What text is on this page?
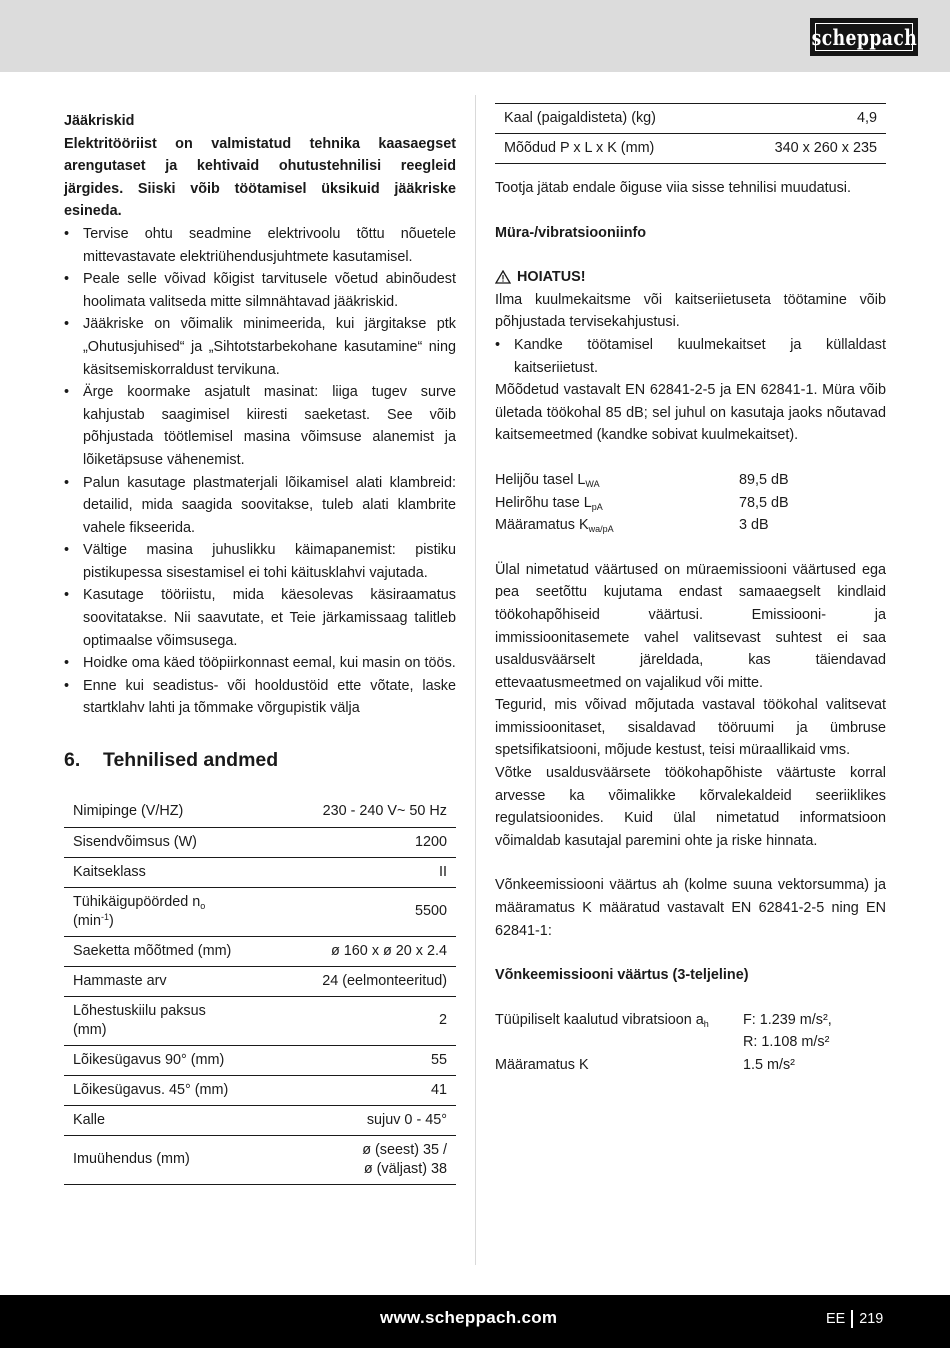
scheppach
Jääkriskid
Elektritööriist on valmistatud tehnika kaasaegset arengutaset ja kehtivaid ohutustehnilisi reegleid järgides. Siiski võib töötamisel üksikuid jääkriske esineda.
• Tervise ohtu seadmine elektrivoolu tõttu nõuetele mittevastavate elektriühendusjuhtmete kasutamisel.
• Peale selle võivad kõigist tarvitusele võetud abinõudest hoolimata valitseda mitte silmnähtavad jääkriskid.
• Jääkriske on võimalik minimeerida, kui järgitakse ptk „Ohutusjuhised“ ja „Sihtotstarbekohane kasutamine“ ning käsitsemiskorraldust tervikuna.
• Ärge koormake asjatult masinat: liiga tugev surve kahjustab saagimisel kiiresti saeketast. See võib põhjustada töötlemisel masina võimsuse alanemist ja lõiketäpsuse vähenemist.
• Palun kasutage plastmaterjali lõikamisel alati klambreid: detailid, mida saagida soovitakse, tuleb alati klambrite vahele fikseerida.
• Vältige masina juhuslikku käimapanemist: pistiku pistikupessa sisestamisel ei tohi käitusklahvi vajutada.
• Kasutage tööriistu, mida käesolevas käsiraamatus soovitatakse. Nii saavutate, et Teie järkamissaag talitleb optimaalse võimsusega.
• Hoidke oma käed tööpiirkonnast eemal, kui masin on töös.
• Enne kui seadistus- või hooldustöid ette võtate, laske startklahv lahti ja tõmmake võrgupistik välja
6.	Tehnilised andmed
Nimipinge (V/HZ)	230 - 240 V~ 50 Hz
Sisendvõimsus (W)	1200
Kaitseklass	II
Tühikäigupöörded $n_o$
$(\min^{-1})$	5500
Saeketta mõõtmed (mm)	ø 160 x ø 20 x 2.4
Hammaste arv	24 (eelmonteeritud)
Lõhestuskiilu paksus
(mm)	2
Lõikesügavus 90° (mm)	55
Lõikesügavus. 45° (mm)	41
Kalle	sujuv 0 - 45°
Imuühendus (mm)	ø (seest) 35 /
ø (väljast) 38
Kaal (paigaldisteta) (kg)	4,9
Mõõdud P x L x K (mm)	340 x 260 x 235
Tootja jätab endale õiguse viia sisse tehnilisi muudatusi.
Müra-/vibratsiooniinfo
HOIATUS!
Ilma kuulmekaitsme või kaitseriietuseta töötamine võib põhjustada tervisekahjustusi.
• Kandke töötamisel kuulmekaitset ja küllaldast kaitseriietust.
Mõõdetud vastavalt EN 62841-2-5 ja EN 62841-1. Müra võib ületada töökohal 85 dB; sel juhul on kasutaja jaoks nõutavad kaitsemeetmed (kandke sobivat kuulmekaitset).
Helijõu tasel $L_{WA}$	89,5 dB
Helirõhu tase $L_{pA}$	78,5 dB
Määramatus $K_{wa/pA}$	3 dB
Ülal nimetatud väärtused on müraemissiooni väärtused ega pea seetõttu kujutama endast samaaegselt kindlaid töökohapõhiseid väärtusi. Emissiooni- ja immissioonitasemete vahel valitsevast suhtest ei saa usaldusväärselt järeldada, kas täiendavad ettevaatusmeetmed on vajalikud või mitte.
Tegurid, mis võivad mõjutada vastaval töökohal valitsevat immissioonitaset, sisaldavad tööruumi ja ümbruse spetsifikatsiooni, mõjude kestust, teisi müraallikaid vms.
Võtke usaldusväärsete töökohapõhiste väärtuste korral arvesse ka võimalikke kõrvalekaldeid seeriiklikes regulatsioonides. Kuid ülal nimetatud informatsioon võimaldab kasutajal paremini ohte ja riske hinnata.
Võnkeemissiooni väärtus ah (kolme suuna vektorsumma) ja määramatus K määratud vastavalt EN 62841-2-5 ning EN 62841-1:
Võnkeemissiooni väärtus (3-teljeline)
Tüüpiliselt kaalutud vibratsioon $a_h$	F: 1.239 m/s²,
R: 1.108 m/s²
Määramatus K	1.5 m/s²
www.scheppach.com	EE 219
